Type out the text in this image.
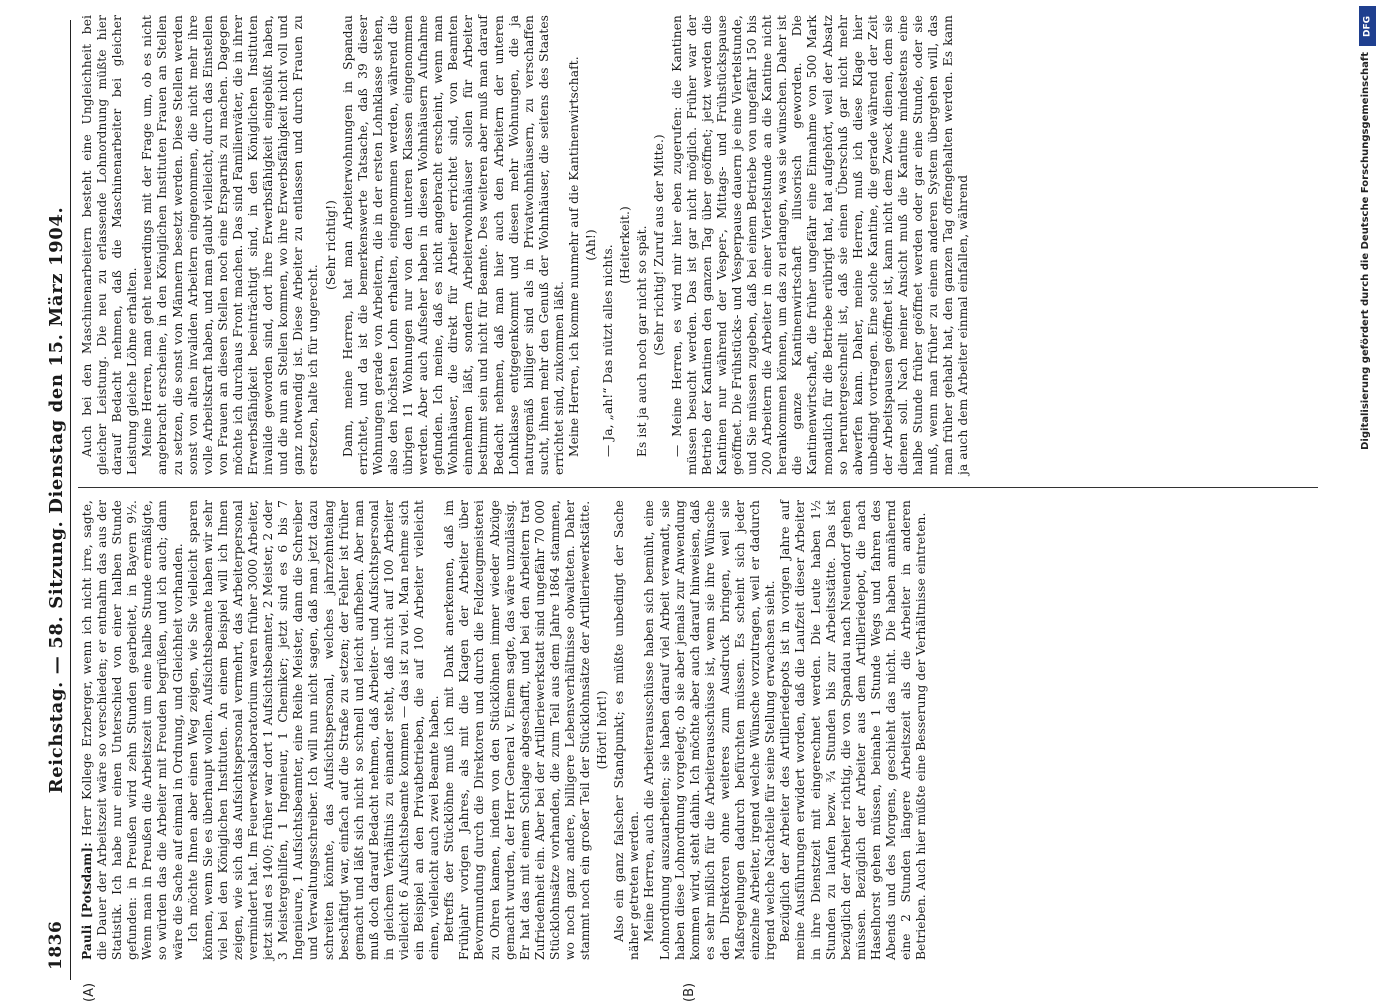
1836
Reichstag. — 58. Sitzung. Dienstag den 15. März 1904.
(A)	(B)

Pauli [Potsdam]: Herr Kollege Erzberger, wenn ich nicht irre, sagte, die Dauer der Arbeitszeit wäre so verschieden; er entnahm das aus der Statistik. Ich habe nur einen Unterschied von einer halben Stunde gefunden: in Preußen wird zehn Stunden gearbeitet, in Bayern 9½. Wenn man in Preußen die Arbeitszeit um eine halbe Stunde ermäßigte, so würden das die Arbeiter mit Freuden begrüßen, und ich auch; dann wäre die Sache auf einmal in Ordnung, und Gleichheit vorhanden. Ich möchte Ihnen aber einen Weg zeigen, wie Sie vielleicht sparen können, wenn Sie es überhaupt wollen. Aufsichtsbeamte haben wir sehr viel bei den Königlichen Instituten. An einem Beispiel will ich Ihnen zeigen, wie sich das Aufsichtspersonal vermehrt, das Arbeiterpersonal vermindert hat. Im Feuerwerkslaboratorium waren früher 3000 Arbeiter, jetzt sind es 1400; früher war dort 1 Aufsichtsbeamter, 2 Meister, 2 oder 3 Meistergehilfen, 1 Ingenieur, 1 Chemiker; jetzt sind es 6 bis 7 Ingenieure, 1 Aufsichtsbeamter, eine Reihe Meister, dann die Schreiber und Verwaltungsschreiber. Ich will nun nicht sagen, daß man jetzt dazu schreiten könnte, das Aufsichtspersonal, welches jahrzehntelang beschäftigt war, einfach auf die Straße zu setzen; der Fehler ist früher gemacht und läßt sich nicht so schnell und leicht aufheben. Aber man muß doch darauf Bedacht nehmen, daß Arbeiter- und Aufsichtspersonal in gleichem Verhältnis zu einander steht, daß nicht auf 100 Arbeiter vielleicht 6 Aufsichtsbeamte kommen — das ist zu viel. Man nehme sich ein Beispiel an den Privatbetrieben, die auf 100 Arbeiter vielleicht einen, vielleicht auch zwei Beamte haben. Betreffs der Stücklöhne muß ich mit Dank anerkennen, daß im Frühjahr vorigen Jahres, als mit die Klagen der Arbeiter über Bevormundung durch die Direktoren und durch die Feldzeugmeisterei zu Ohren kamen, indem von den Stücklöhnen immer wieder Abzüge gemacht wurden, der Herr General v. Einem sagte, das wäre unzulässig. Er hat das mit einem Schlage abgeschafft, und bei den Arbeitern trat Zufriedenheit ein. Aber bei der Artilleriewerkstatt sind ungefähr 70 000 Stücklohnsätze vorhanden, die zum Teil aus dem Jahre 1864 stammen, wo noch ganz andere, billigere Lebensverhältnisse obwalteten. Daher stammt noch ein großer Teil der Stücklohnsätze der Artilleriewerkstätte. (Hört! hört!) Also ein ganz falscher Standpunkt; es müßte unbedingt der Sache näher getreten werden. Meine Herren, auch die Arbeiterausschüsse haben sich bemüht, eine Lohnordnung auszuarbeiten; sie haben darauf viel Arbeit verwandt, sie haben diese Lohnordnung vorgelegt; ob sie aber jemals zur Anwendung kommen wird, steht dahin. Ich möchte aber auch darauf hinweisen, daß es sehr mißlich für die Arbeiterausschüsse ist, wenn sie ihre Wünsche den Direktoren ohne weiteres zum Ausdruck bringen, weil sie Maßregelungen dadurch befürchten müssen. Es scheint sich jeder einzelne Arbeiter, irgend welche Wünsche vorzutragen, weil er dadurch irgend welche Nachteile für seine Stellung erwachsen sieht. Bezüglich der Arbeiter des Artilleriedepots ist in vorigen Jahre auf meine Ausführungen erwidert worden, daß die Laufzeit dieser Arbeiter in ihre Dienstzeit mit eingerechnet werden. Die Leute haben 1½ Stunden zu laufen bezw. ¾ Stunden bis zur Arbeitsstätte. Das ist bezüglich der Arbeiter richtig, die von Spandau nach Neuendorf gehen müssen. Bezüglich der Arbeiter aus dem Artilleriedepot, die nach Haselhorst gehen müssen, beinahe 1 Stunde Wegs und fahren des Abends und des Morgens, geschieht das nicht. Die haben annähernd eine 2 Stunden längere Arbeitszeit als die Arbeiter in anderen Betrieben. Auch hier müßte eine Besserung der Verhältnisse eintreten.

Auch bei den Maschinenarbeitern besteht eine Ungleichheit bei gleicher Leistung. Die neu zu erlassende Lohnordnung müßte hier darauf Bedacht nehmen, daß die Maschinenarbeiter bei gleicher Leistung gleiche Löhne erhalten. Meine Herren, man geht neuerdings mit der Frage um, ob es nicht angebracht erscheine, in den Königlichen Instituten Frauen an Stellen zu setzen, die sonst von Männern besetzt werden. Diese Stellen werden sonst von alten invaliden Arbeitern eingenommen, die nicht mehr ihre volle Arbeitskraft haben, und man glaubt vielleicht, durch das Einstellen von Frauen an diesen Stellen noch eine Ersparnis zu machen. Dagegen möchte ich durchaus Front machen. Das sind Familienväter, die in ihrer Erwerbsfähigkeit beeinträchtigt sind, in den Königlichen Instituten invalide geworden sind, dort ihre Erwerbsfähigkeit eingebüßt haben, und die nun an Stellen kommen, wo ihre Erwerbsfähigkeit nicht voll und ganz notwendig ist. Diese Arbeiter zu entlassen und durch Frauen zu ersetzen, halte ich für ungerecht.

(Sehr richtig!) Dann, meine Herren, hat man Arbeiterwohnungen in Spandau errichtet, und da ist die bemerkenswerte Tatsache, daß 39 dieser Wohnungen gerade von Arbeitern, die in der ersten Lohnklasse stehen, also den höchsten Lohn erhalten, eingenommen werden, während die übrigen 11 Wohnungen nur von den unteren Klassen eingenommen werden. Aber auch Aufseher haben in diesen Wohnhäusern Aufnahme gefunden. Ich meine, daß es nicht angebracht erscheint, wenn man Wohnhäuser, die direkt für Arbeiter errichtet sind, von Beamten einnehmen läßt, sondern Arbeiterwohnhäuser sollen für Arbeiter bestimmt sein und nicht für Beamte. Des weiteren aber muß man darauf Bedacht nehmen, daß man hier auch den Arbeitern der unteren Lohnklasse entgegenkommt und diesen mehr Wohnungen, die ja naturgemäß billiger sind als in Privatwohnhäusern, zu verschaffen sucht, ihnen mehr den Genuß der Wohnhäuser, die seitens des Staates errichtet sind, zukommen läßt. Meine Herren, ich komme nunmehr auf die Kantinenwirtschaft. (Ah!) — Ja, „ah!“ Das nützt alles nichts. (Heiterkeit.) Es ist ja auch noch gar nicht so spät. (Sehr richtig! Zuruf aus der Mitte.) — Meine Herren, es wird mir hier eben zugerufen: die Kantinen müssen besucht werden. Das ist gar nicht möglich. Früher war der Betrieb der Kantinen den ganzen Tag über geöffnet; jetzt werden die Kantinen nur während der Vesper-, Mittags- und Frühstückspause geöffnet. Die Frühstücks- und Vesperpause dauern je eine Viertelstunde, und Sie müssen zugeben, daß bei einem Betriebe von ungefähr 150 bis 200 Arbeitern die Arbeiter in einer Viertelstunde an die Kantine nicht herankommen können, um das zu erlangen, was sie wünschen. Daher ist die ganze Kantinenwirtschaft illusorisch geworden. Die Kantinenwirtschaft, die früher ungefähr eine Einnahme von 500 Mark monatlich für die Betriebe erübrigt hat, hat aufgehört, weil der Absatz so heruntergeschnellt ist, daß sie einen Überschuß gar nicht mehr abwerfen kann. Daher, meine Herren, muß ich diese Klage hier unbedingt vortragen. Eine solche Kantine, die gerade während der Zeit der Arbeitspausen geöffnet ist, kann nicht dem Zweck dienen, dem sie dienen soll. Nach meiner Ansicht muß die Kantine mindestens eine halbe Stunde früher geöffnet werden oder gar eine Stunde, oder sie muß, wenn man früher zu einem anderen System übergehen will, das man früher gehabt hat, den ganzen Tag offengehalten werden. Es kann ja auch dem Arbeiter einmal einfallen, während

DFG
Digitalisierung gefördert durch die Deutsche Forschungsgemeinschaft
